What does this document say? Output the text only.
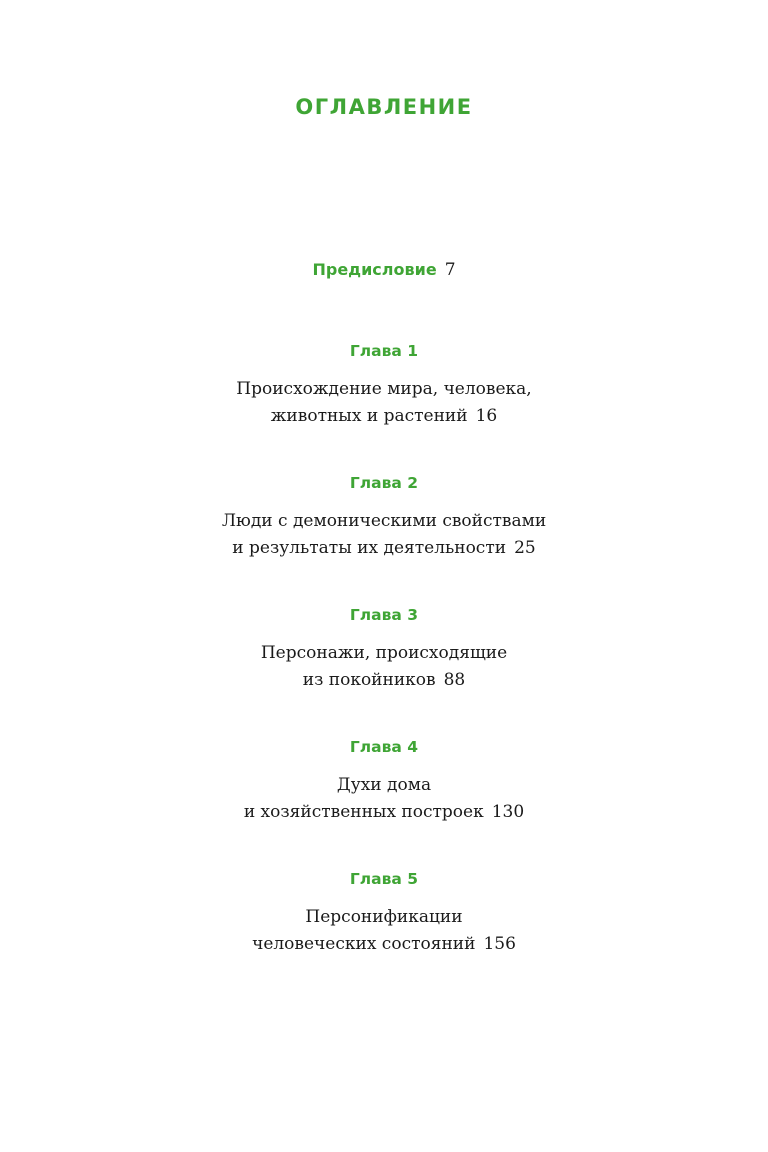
ОГЛАВЛЕНИЕ
Предисловие 7
Глава 1
Происхождение мира, человека,
животных и растений 16
Глава 2
Люди с демоническими свойствами
и результаты их деятельности 25
Глава 3
Персонажи, происходящие
из покойников 88
Глава 4
Духи дома
и хозяйственных построек 130
Глава 5
Персонификации
человеческих состояний 156
